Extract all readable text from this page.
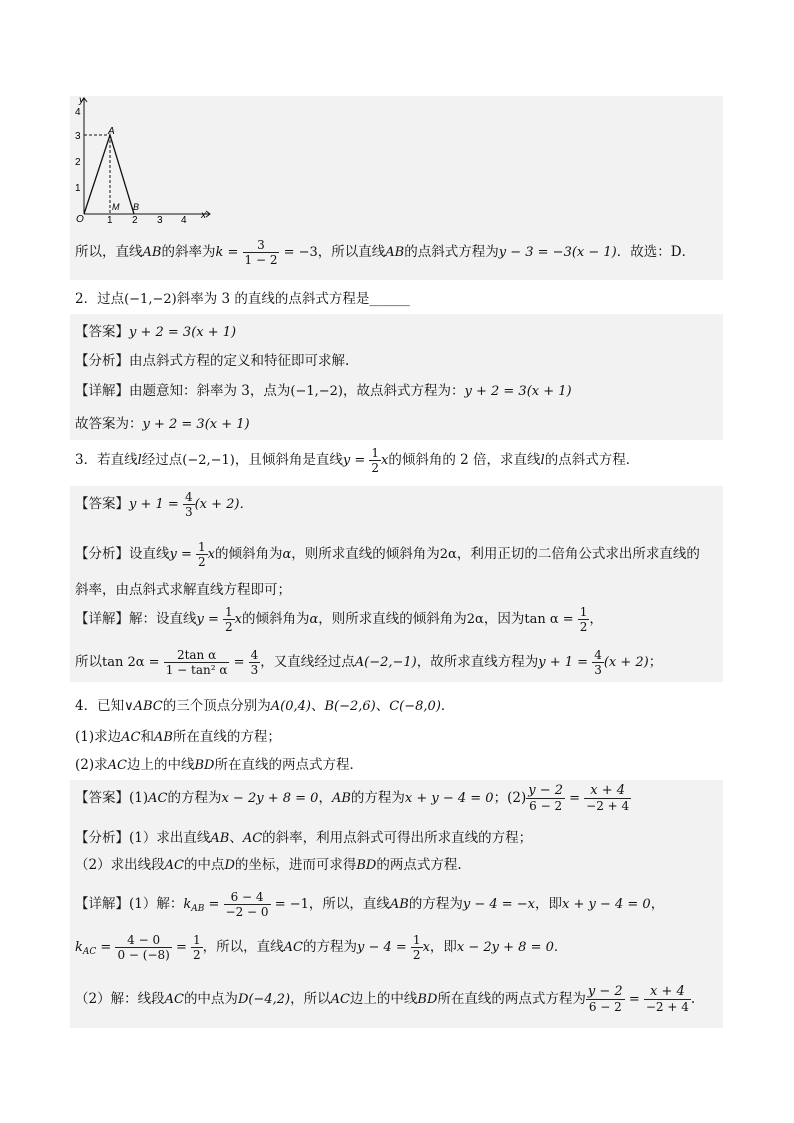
y
x
4
3
2
1
O 1 2 3 4
A
M B
所以，直线AB的斜率为$k = \frac{3}{1 - 2} = -3$，所以直线AB的点斜式方程为y − 3 = −3(x − 1)．故选：D．
2．过点(−1,−2)斜率为 3 的直线的点斜式方程是______
【答案】y + 2 = 3(x + 1)
【分析】由点斜式方程的定义和特征即可求解.
【详解】由题意知：斜率为 3，点为(−1,−2)，故点斜式方程为：y + 2 = 3(x + 1)
故答案为：y + 2 = 3(x + 1)
3．若直线l经过点(−2,−1)，且倾斜角是直线$y = \frac{1}{2}$ x的倾斜角的 2 倍，求直线l的点斜式方程．
【答案】$y + 1 = \frac{4}{3} (x + 2)$．
【分析】设直线$y = \frac{1}{2}$ x的倾斜角为α，则所求直线的倾斜角为2α，利用正切的二倍角公式求出所求直线的
斜率，由点斜式求解直线方程即可；
【详解】解：设直线$y = \frac{1}{2}$ x的倾斜角为α，则所求直线的倾斜角为2α，因为$\tan \alpha = \frac{1}{2}$ ，
所以$\tan 2\alpha = \frac{\text{2tan α}}{\text{1 − tan² α}} = \frac{4}{3}$ ，又直线经过点A(−2,−1)，故所求直线方程为$y + 1 = \frac{4}{3} (x + 2)$；
4．已知∨ABC的三个顶点分别为A(0,4)、B(−2,6)、C(−8,0)．
(1)求边AC和AB所在直线的方程；
(2)求AC边上的中线BD所在直线的两点式方程．
【答案】(1)AC的方程为x − 2y + 8 = 0，AB的方程为x + y − 4 = 0；$(2) \frac{y - 2}{6 - 2} = \frac{x + 4}{-2 + 4}$
【分析】(1）求出直线AB、AC的斜率，利用点斜式可得出所求直线的方程；
（2）求出线段AC的中点D的坐标，进而可求得BD的两点式方程.
【详解】(1）解：$k_{AB} = \frac{6 - 4}{-2 - 0} = -1$，所以，直线AB的方程为y − 4 = −x，即x + y − 4 = 0，
$k_{AC} = \frac{4 - 0}{0 - (-8)} = \frac{1}{2}$ ，所以，直线AC的方程为$y - 4 = \frac{1}{2}$ x，即x − 2y + 8 = 0.
（2）解：线段AC的中点为D(−4,2)，所以AC边上的中线BD所在直线的两点式方程为 $\frac{y - 2}{6 - 2} = \frac{x + 4}{-2 + 4}$ .
